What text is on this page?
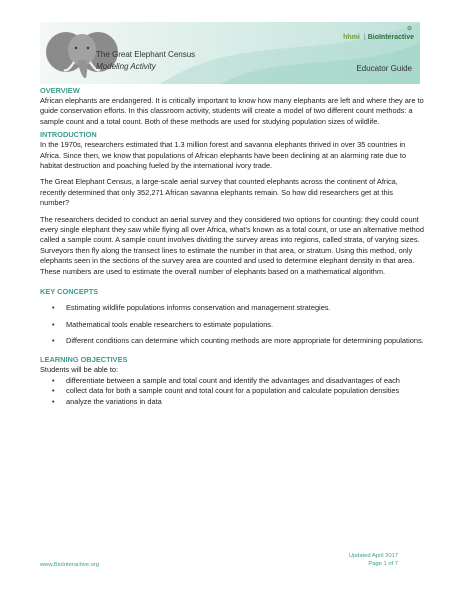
The Great Elephant Census
Modeling Activity
✿
hhmi | BioInteractive
Educator Guide
OVERVIEW

African elephants are endangered. It is critically important to know how many elephants are left and where they are to guide conservation efforts. In this classroom activity, students will create a model of two different count methods: a sample count and a total count. Both of these methods are used for studying population sizes of wildlife.

INTRODUCTION

In the 1970s, researchers estimated that 1.3 million forest and savanna elephants thrived in over 35 countries in Africa. Since then, we know that populations of African elephants have been declining at an alarming rate due to habitat destruction and poaching fueled by the international ivory trade.

The Great Elephant Census, a large-scale aerial survey that counted elephants across the continent of Africa, recently determined that only 352,271 African savanna elephants remain. So how did researchers get at this number?

The researchers decided to conduct an aerial survey and they considered two options for counting: they could count every single elephant they saw while flying all over Africa, what’s known as a total count, or use an alternative method called a sample count. A sample count involves dividing the survey areas into regions, called strata, of varying sizes. Surveyors then fly along the transect lines to estimate the number in that area, or stratum. Using this method, only elephants seen in the sections of the survey area are counted and used to determine elephant density in that area. These numbers are used to estimate the overall number of elephants based on a mathematical algorithm.

KEY CONCEPTS
• Estimating wildlife populations informs conservation and management strategies.
• Mathematical tools enable researchers to estimate populations.
• Different conditions can determine which counting methods are more appropriate for determining populations.
LEARNING OBJECTIVES

Students will be able to:

• differentiate between a sample and total count and identify the advantages and disadvantages of each
• collect data for both a sample count and total count for a population and calculate population densities
• analyze the variations in data
www.BioInteractive.org
Updated April 2017
Page 1 of 7
